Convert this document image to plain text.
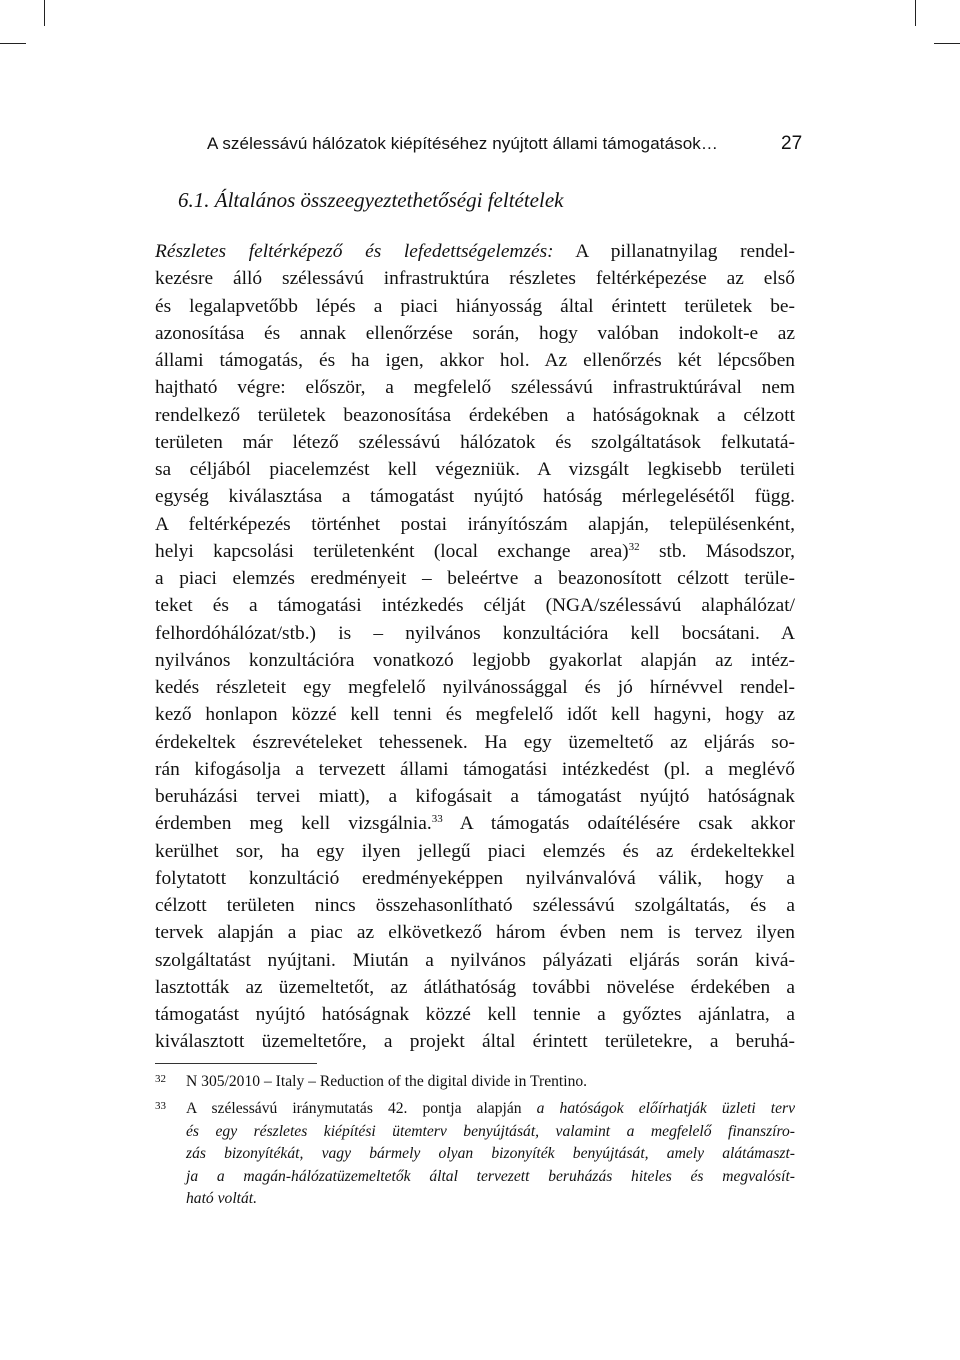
A szélessávú hálózatok kiépítéséhez nyújtott állami támogatások…	27
6.1. Általános összeegyeztethetőségi feltételek
Részletes feltérképező és lefedettségelemzés: A pillanatnyilag rendel-
kezésre álló szélessávú infrastruktúra részletes feltérképezése az első
és legalapvetőbb lépés a piaci hiányosság által érintett területek be-
azonosítása és annak ellenőrzése során, hogy valóban indokolt-e az
állami támogatás, és ha igen, akkor hol. Az ellenőrzés két lépcsőben
hajtható végre: először, a megfelelő szélessávú infrastruktúrával nem
rendelkező területek beazonosítása érdekében a hatóságoknak a célzott
területen már létező szélessávú hálózatok és szolgáltatások felkutatá-
sa céljából piacelemzést kell végezniük. A vizsgált legkisebb területi
egység kiválasztása a támogatást nyújtó hatóság mérlegelésétől függ.
A feltérképezés történhet postai irányítószám alapján, településenként,
helyi kapcsolási területenként (local exchange area)$^{32}$ stb. Másodszor,
a piaci elemzés eredményeit – beleértve a beazonosított célzott terüle-
teket és a támogatási intézkedés célját (NGA/szélessávú alaphálózat/
felhordóhálózat/stb.) is – nyilvános konzultációra kell bocsátani. A
nyilvános konzultációra vonatkozó legjobb gyakorlat alapján az intéz-
kedés részleteit egy megfelelő nyilvánossággal és jó hírnévvel rendel-
kező honlapon közzé kell tenni és megfelelő időt kell hagyni, hogy az
érdekeltek észrevételeket tehessenek. Ha egy üzemeltető az eljárás so-
rán kifogásolja a tervezett állami támogatási intézkedést (pl. a meglévő
beruházási tervei miatt), a kifogásait a támogatást nyújtó hatóságnak
érdemben meg kell vizsgálnia.$^{33}$ A támogatás odaítélésére csak akkor
kerülhet sor, ha egy ilyen jellegű piaci elemzés és az érdekeltekkel
folytatott konzultáció eredményeképpen nyilvánvalóvá válik, hogy a
célzott területen nincs összehasonlítható szélessávú szolgáltatás, és a
tervek alapján a piac az elkövetkező három évben nem is tervez ilyen
szolgáltatást nyújtani. Miután a nyilvános pályázati eljárás során kivá-
lasztották az üzemeltetőt, az átláthatóság további növelése érdekében a
támogatást nyújtó hatóságnak közzé kell tennie a győztes ajánlatra, a
kiválasztott üzemeltetőre, a projekt által érintett területekre, a beruhá-
32 N 305/2010 – Italy – Reduction of the digital divide in Trentino.
33 A szélessávú iránymutatás 42. pontja alapján a hatóságok előírhatják üzleti terv
és egy részletes kiépítési ütemterv benyújtását, valamint a megfelelő finanszíro-
zás bizonyítékát, vagy bármely olyan bizonyíték benyújtását, amely alátámaszt-
ja a magán-hálózatüzemeltetők által tervezett beruházás hiteles és megvalósít-
ható voltát.
